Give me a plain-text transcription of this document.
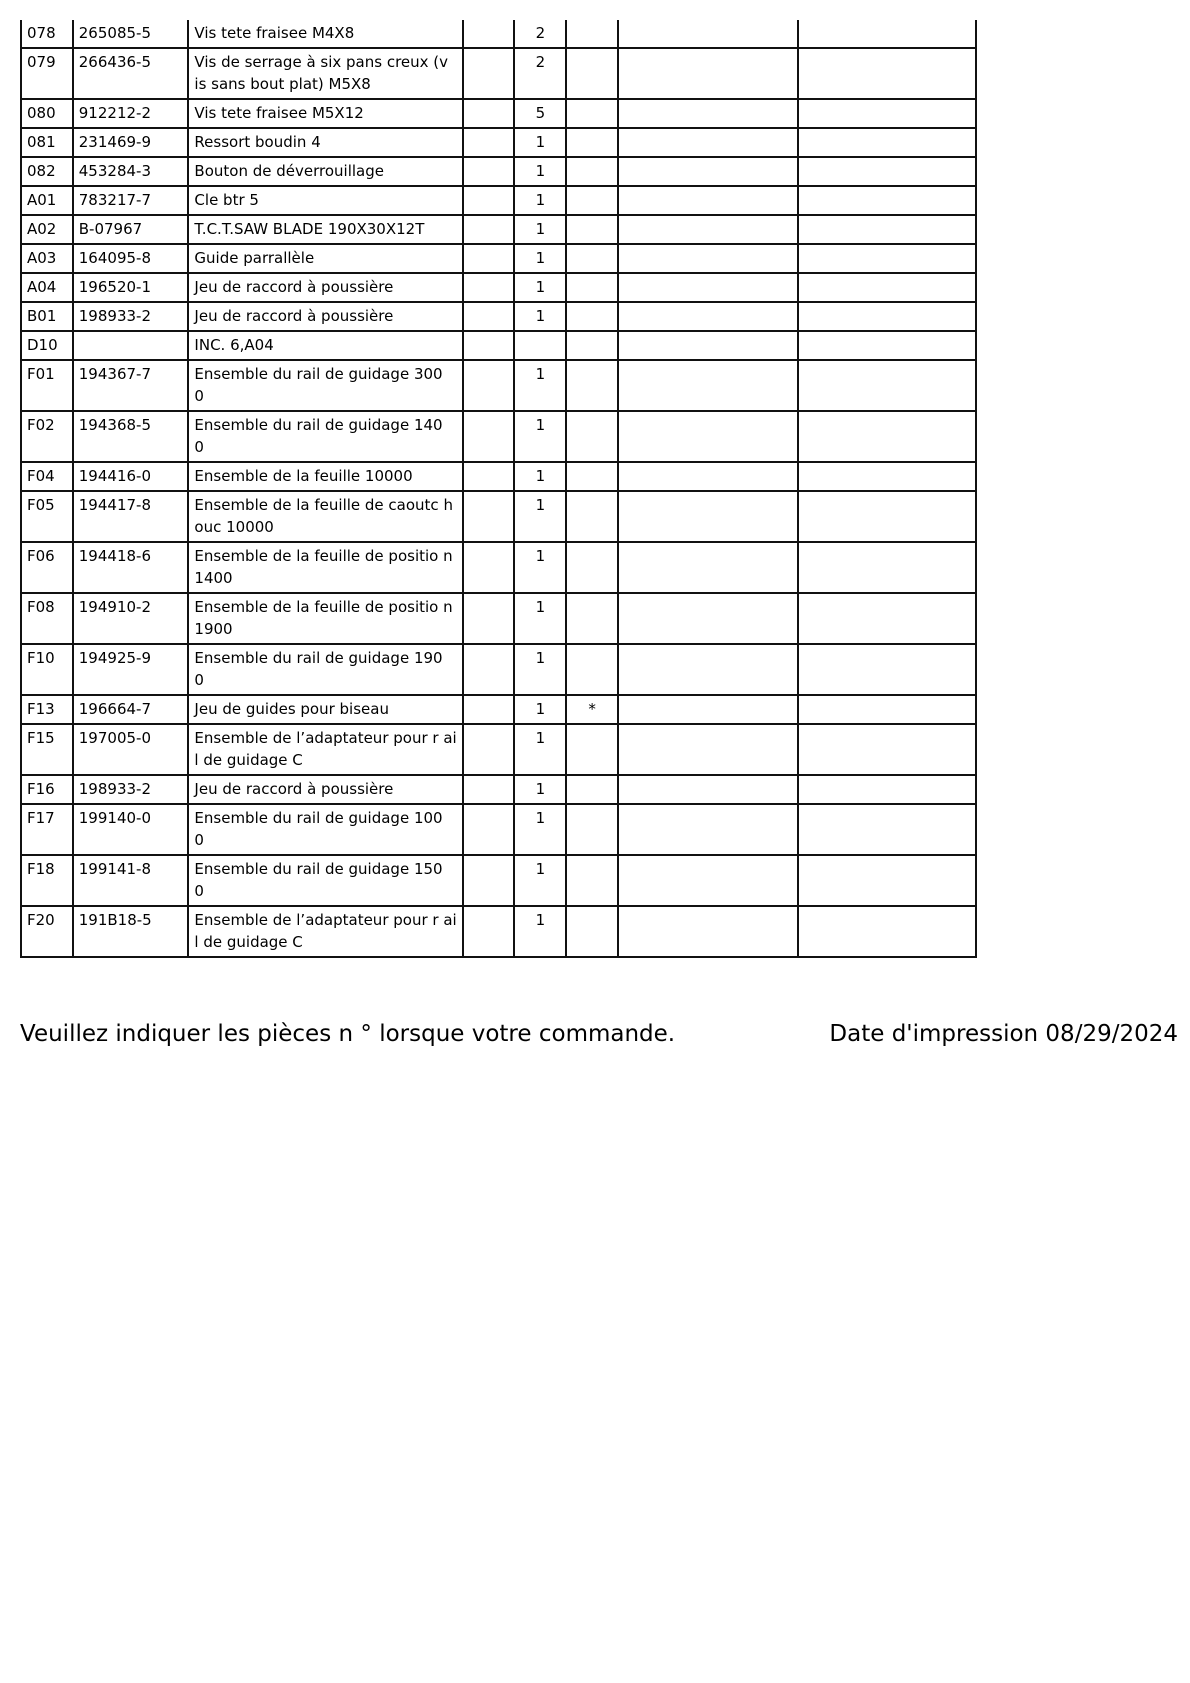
078	265085-5	Vis tete fraisee M4X8		2			
079	266436-5	Vis de serrage à six pans creux (v is sans bout plat) M5X8		2			
080	912212-2	Vis tete fraisee M5X12		5			
081	231469-9	Ressort boudin 4		1			
082	453284-3	Bouton de déverrouillage		1			
A01	783217-7	Cle btr 5		1			
A02	B-07967	T.C.T.SAW BLADE 190X30X12T		1			
A03	164095-8	Guide parrallèle		1			
A04	196520-1	Jeu de raccord à poussière		1			
B01	198933-2	Jeu de raccord à poussière		1			
D10		INC. 6,A04					
F01	194367-7	Ensemble du rail de guidage 300 0		1			
F02	194368-5	Ensemble du rail de guidage 140 0		1			
F04	194416-0	Ensemble de la feuille 10000		1			
F05	194417-8	Ensemble de la feuille de caoutc houc 10000		1			
F06	194418-6	Ensemble de la feuille de positio n 1400		1			
F08	194910-2	Ensemble de la feuille de positio n 1900		1			
F10	194925-9	Ensemble du rail de guidage 190 0		1			
F13	196664-7	Jeu de guides pour biseau		1	*		
F15	197005-0	Ensemble de l’adaptateur pour r ail de guidage C		1			
F16	198933-2	Jeu de raccord à poussière		1			
F17	199140-0	Ensemble du rail de guidage 100 0		1			
F18	199141-8	Ensemble du rail de guidage 150 0		1			
F20	191B18-5	Ensemble de l’adaptateur pour r ail de guidage C		1			
Veuillez indiquer les pièces n ° lorsque votre commande.	Date d'impression 08/29/2024
